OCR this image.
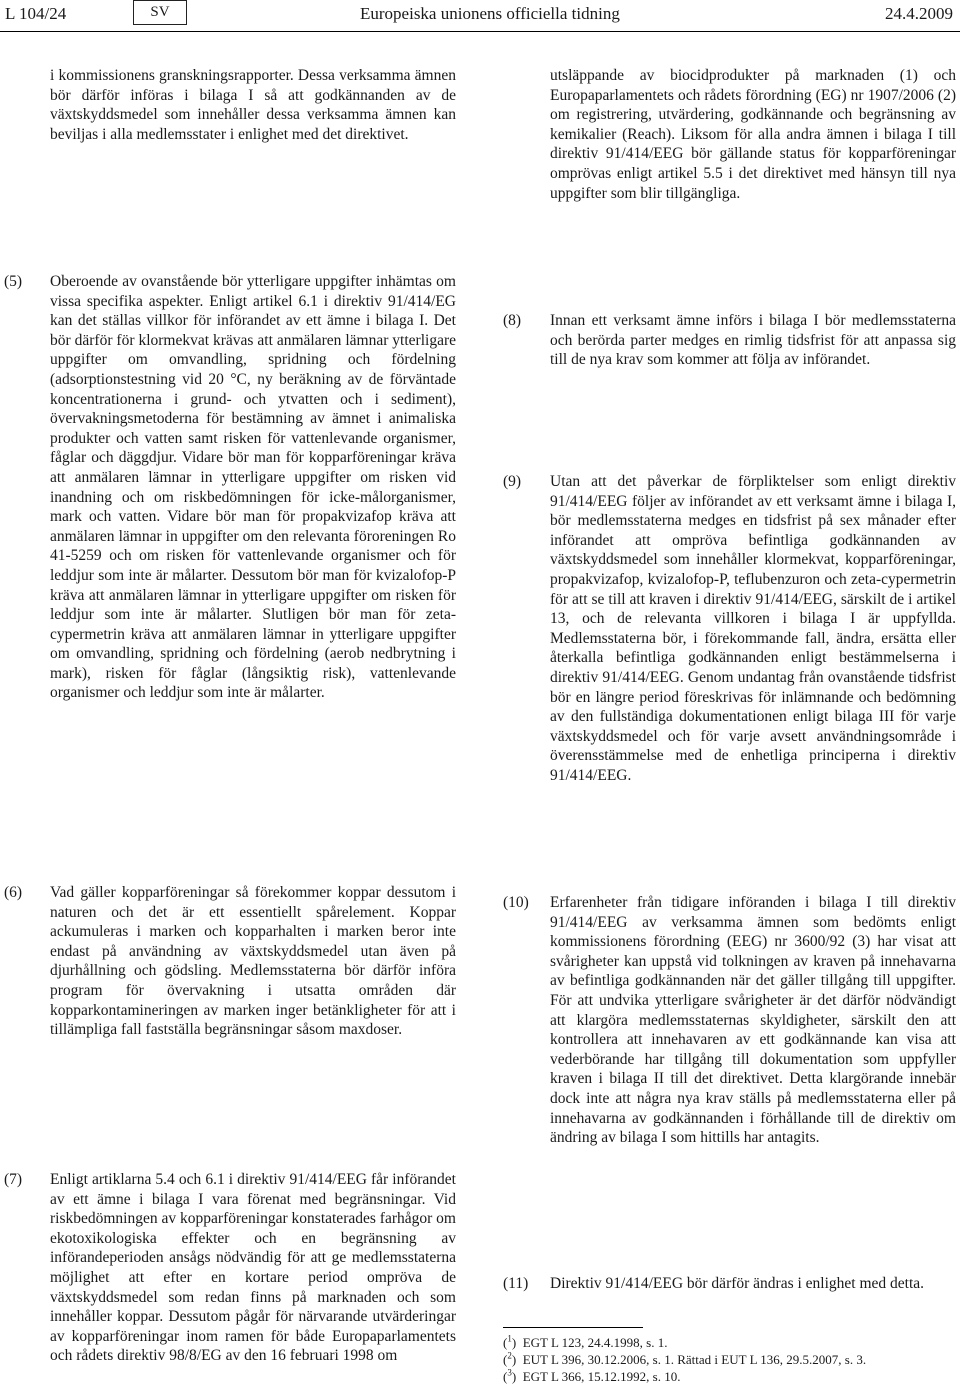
L 104/24	SV	Europeiska unionens officiella tidning	24.4.2009

i kommissionens granskningsrapporter. Dessa verksamma ämnen bör därför införas i bilaga I så att godkännanden av de växtskyddsmedel som innehåller dessa verksamma ämnen kan beviljas i alla medlemsstater i enlighet med det direktivet.

utsläppande av biocidprodukter på marknaden (1) och Europaparlamentets och rådets förordning (EG) nr 1907/2006 (2) om registrering, utvärdering, godkännande och begränsning av kemikalier (Reach). Liksom för alla andra ämnen i bilaga I till direktiv 91/414/EEG bör gällande status för kopparföreningar omprövas enligt artikel 5.5 i det direktivet med hänsyn till nya uppgifter som blir tillgängliga.

(5) Oberoende av ovanstående bör ytterligare uppgifter inhämtas om vissa specifika aspekter. Enligt artikel 6.1 i direktiv 91/414/EG kan det ställas villkor för införandet av ett ämne i bilaga I. Det bör därför för klormekvat krävas att anmälaren lämnar ytterligare uppgifter om omvandling, spridning och fördelning (adsorptionstestning vid 20 °C, ny beräkning av de förväntade koncentrationerna i grund- och ytvatten och i sediment), övervakningsmetoderna för bestämning av ämnet i animaliska produkter och vatten samt risken för vattenlevande organismer, fåglar och däggdjur. Vidare bör man för kopparföreningar kräva att anmälaren lämnar in ytterligare uppgifter om risken vid inandning och om riskbedömningen för icke-målorganismer, mark och vatten. Vidare bör man för propakvizafop kräva att anmälaren lämnar in uppgifter om den relevanta föroreningen Ro 41-5259 och om risken för vattenlevande organismer och för leddjur som inte är målarter. Dessutom bör man för kvizalofop-P kräva att anmälaren lämnar in ytterligare uppgifter om risken för leddjur som inte är målarter. Slutligen bör man för zeta-cypermetrin kräva att anmälaren lämnar in ytterligare uppgifter om omvandling, spridning och fördelning (aerob nedbrytning i mark), risken för fåglar (långsiktig risk), vattenlevande organismer och leddjur som inte är målarter.

(6) Vad gäller kopparföreningar så förekommer koppar dessutom i naturen och det är ett essentiellt spårelement. Koppar ackumuleras i marken och kopparhalten i marken beror inte endast på användning av växtskyddsmedel utan även på djurhållning och gödsling. Medlemsstaterna bör därför införa program för övervakning i utsatta områden där kopparkontamineringen av marken inger betänkligheter för att i tillämpliga fall fastställa begränsningar såsom maxdoser.

(7) Enligt artiklarna 5.4 och 6.1 i direktiv 91/414/EEG får införandet av ett ämne i bilaga I vara förenat med begränsningar. Vid riskbedömningen av kopparföreningar konstaterades farhågor om ekotoxikologiska effekter och en begränsning av införandeperioden ansågs nödvändig för att ge medlemsstaterna möjlighet att efter en kortare period ompröva de växtskyddsmedel som redan finns på marknaden och som innehåller koppar. Dessutom pågår för närvarande utvärderingar av kopparföreningar inom ramen för både Europaparlamentets och rådets direktiv 98/8/EG av den 16 februari 1998 om

(8) Innan ett verksamt ämne införs i bilaga I bör medlemsstaterna och berörda parter medges en rimlig tidsfrist för att anpassa sig till de nya krav som kommer att följa av införandet.

(9) Utan att det påverkar de förpliktelser som enligt direktiv 91/414/EEG följer av införandet av ett verksamt ämne i bilaga I, bör medlemsstaterna medges en tidsfrist på sex månader efter införandet att ompröva befintliga godkännanden av växtskyddsmedel som innehåller klormekvat, kopparföreningar, propakvizafop, kvizalofop-P, teflubenzuron och zeta-cypermetrin för att se till att kraven i direktiv 91/414/EEG, särskilt de i artikel 13, och de relevanta villkoren i bilaga I är uppfyllda. Medlemsstaterna bör, i förekommande fall, ändra, ersätta eller återkalla befintliga godkännanden enligt bestämmelserna i direktiv 91/414/EEG. Genom undantag från ovanstående tidsfrist bör en längre period föreskrivas för inlämnande och bedömning av den fullständiga dokumentationen enligt bilaga III för varje växtskyddsmedel och för varje avsett användningsområde i överensstämmelse med de enhetliga principerna i direktiv 91/414/EEG.

(10) Erfarenheter från tidigare införanden i bilaga I till direktiv 91/414/EEG av verksamma ämnen som bedömts enligt kommissionens förordning (EEG) nr 3600/92 (3) har visat att svårigheter kan uppstå vid tolkningen av kraven på innehavarna av befintliga godkännanden när det gäller tillgång till uppgifter. För att undvika ytterligare svårigheter är det därför nödvändigt att klargöra medlemsstaternas skyldigheter, särskilt den att kontrollera att innehavaren av ett godkännande kan visa att vederbörande har tillgång till dokumentation som uppfyller kraven i bilaga II till det direktivet. Detta klargörande innebär dock inte att några nya krav ställs på medlemsstaterna eller på innehavarna av godkännanden i förhållande till de direktiv om ändring av bilaga I som hittills har antagits.

(11) Direktiv 91/414/EEG bör därför ändras i enlighet med detta.

($^1$)  EGT L 123, 24.4.1998, s. 1.
($^2$)  EUT L 396, 30.12.2006, s. 1. Rättad i EUT L 136, 29.5.2007, s. 3.
($^3$)  EGT L 366, 15.12.1992, s. 10.
